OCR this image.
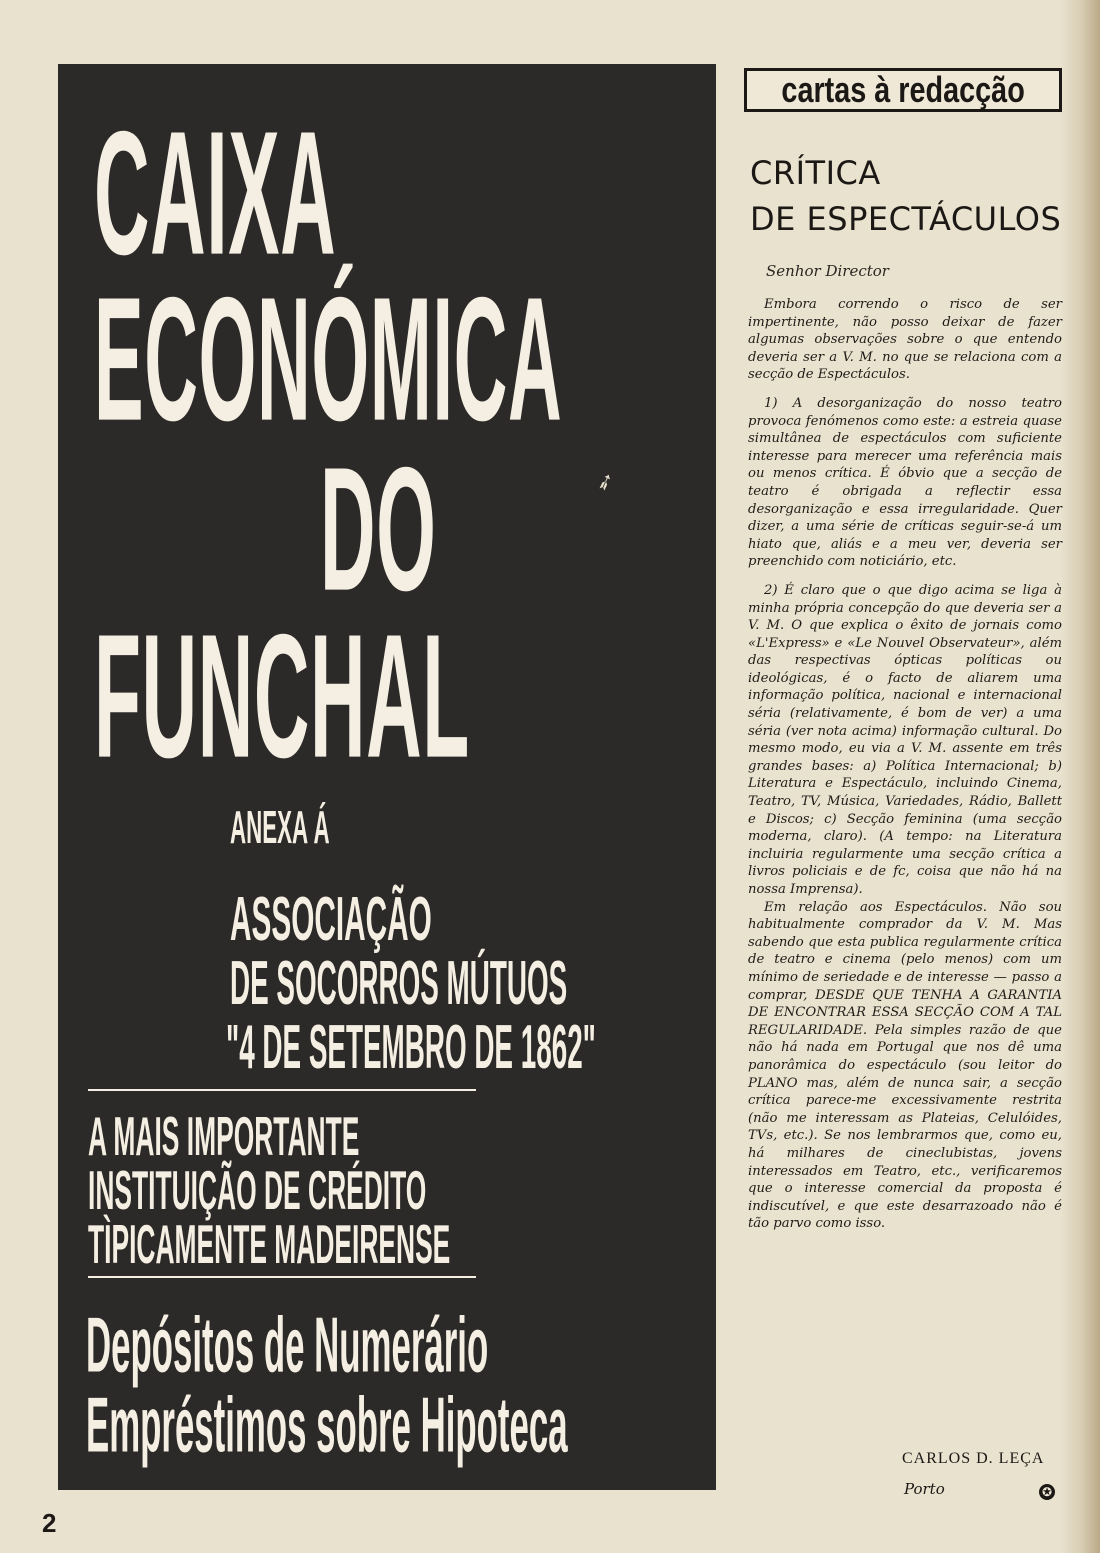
CAIXA
ECONÓMICA
DO
FUNCHAL
➶
ANEXA Á
ASSOCIAÇÃO
DE SOCORROS MÚTUOS
"4 DE SETEMBRO DE 1862"
A MAIS IMPORTANTE
INSTITUIÇÃO DE CRÉDITO
TÌPICAMENTE MADEIRENSE
Depósitos de Numerário
Empréstimos sobre Hipoteca
cartas à redacção
CRÍTICA
DE ESPECTÁCULOS
Senhor Director

Embora correndo o risco de ser impertinente, não posso deixar de fazer algumas observações sobre o que entendo deveria ser a V. M. no que se relaciona com a secção de Espectáculos.

1) A desorganização do nosso teatro provoca fenómenos como este: a estreia quase simultânea de espectáculos com suficiente interesse para merecer uma referência mais ou menos crítica. É óbvio que a secção de teatro é obrigada a reflectir essa desorganização e essa irregularidade. Quer dizer, a uma série de críticas seguir-se-á um hiato que, aliás e a meu ver, deveria ser preenchido com noticiário, etc.

2) É claro que o que digo acima se liga à minha própria concepção do que deveria ser a V. M. O que explica o êxito de jornais como «L'Express» e «Le Nouvel Observateur», além das respectivas ópticas políticas ou ideológicas, é o facto de aliarem uma informação política, nacional e internacional séria (relativamente, é bom de ver) a uma séria (ver nota acima) informação cultural. Do mesmo modo, eu via a V. M. assente em três grandes bases: a) Política Internacional; b) Literatura e Espectáculo, incluindo Cinema, Teatro, TV, Música, Variedades, Rádio, Ballett e Discos; c) Secção feminina (uma secção moderna, claro). (A tempo: na Literatura incluiria regularmente uma secção crítica a livros policiais e de fc, coisa que não há na nossa Imprensa).

Em relação aos Espectáculos. Não sou habitualmente comprador da V. M. Mas sabendo que esta publica regularmente crítica de teatro e cinema (pelo menos) com um mínimo de seriedade e de interesse — passo a comprar, DESDE QUE TENHA A GARANTIA DE ENCONTRAR ESSA SECÇÃO COM A TAL REGULARIDADE. Pela simples razão de que não há nada em Portugal que nos dê uma panorâmica do espectáculo (sou leitor do PLANO mas, além de nunca sair, a secção crítica parece-me excessivamente restrita (não me interessam as Plateias, Celulóides, TVs, etc.). Se nos lembrarmos que, como eu, há milhares de cineclubistas, jovens interessados em Teatro, etc., verificaremos que o interesse comercial da proposta é indiscutível, e que este desarrazoado não é tão parvo como isso.

CARLOS D. LEÇA
Porto	✪
2
